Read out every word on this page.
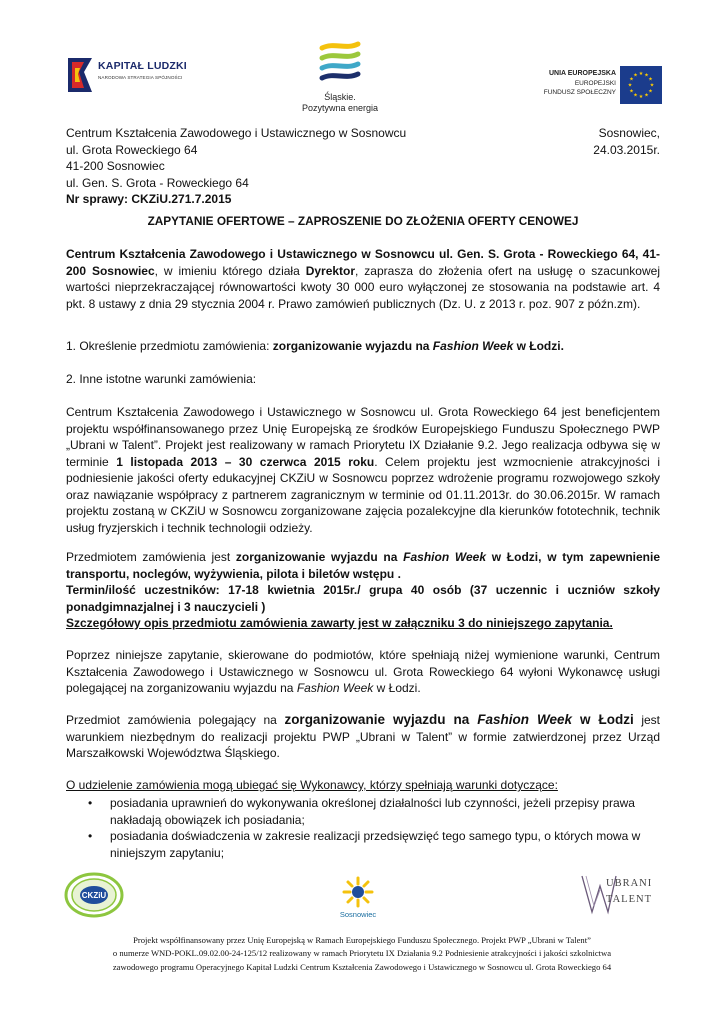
KAPITAŁ LUDZKI
NARODOWA STRATEGIA SPÓJNOŚCI
Śląskie.
Pozytywna energia
UNIA EUROPEJSKA
EUROPEJSKI
FUNDUSZ SPOŁECZNY
★ ★
★
★
★
★
★
★
★
★
★
★
Centrum Kształcenia Zawodowego i Ustawicznego w Sosnowcu
ul. Grota Roweckiego 64
41-200 Sosnowiec
ul. Gen. S. Grota - Roweckiego 64
Nr sprawy: CKZiU.271.7.2015
Sosnowiec, 24.03.2015r.
ZAPYTANIE OFERTOWE – ZAPROSZENIE DO ZŁOŻENIA OFERTY CENOWEJ
Centrum Kształcenia Zawodowego i Ustawicznego w Sosnowcu ul. Gen. S. Grota - Roweckiego 64, 41-200 Sosnowiec, w imieniu którego działa Dyrektor, zaprasza do złożenia ofert na usługę o szacunkowej wartości nieprzekraczającej równowartości kwoty 30 000 euro wyłączonej ze stosowania na podstawie art. 4 pkt. 8 ustawy z dnia 29 stycznia 2004 r. Prawo zamówień publicznych (Dz. U. z 2013 r. poz. 907 z późn.zm).
1. Określenie przedmiotu zamówienia: zorganizowanie wyjazdu na Fashion Week w Łodzi.
2. Inne istotne warunki zamówienia:
Centrum Kształcenia Zawodowego i Ustawicznego w Sosnowcu ul. Grota Roweckiego 64 jest beneficjentem projektu współfinansowanego przez Unię Europejską ze środków Europejskiego Funduszu Społecznego PWP „Ubrani w Talent”. Projekt jest realizowany w ramach Priorytetu IX Działanie 9.2. Jego realizacja odbywa się w terminie 1 listopada 2013 – 30 czerwca 2015 roku. Celem projektu jest wzmocnienie atrakcyjności i podniesienie jakości oferty edukacyjnej CKZiU w Sosnowcu poprzez wdrożenie programu rozwojowego szkoły oraz nawiązanie współpracy z partnerem zagranicznym w terminie od 01.11.2013r. do 30.06.2015r. W ramach projektu zostaną w CKZiU w Sosnowcu zorganizowane zajęcia pozalekcyjne dla kierunków fototechnik, technik usług fryzjerskich i technik technologii odzieży.
Przedmiotem zamówienia jest zorganizowanie wyjazdu na Fashion Week w Łodzi, w tym zapewnienie transportu, noclegów, wyżywienia, pilota i biletów wstępu .
Termin/ilość uczestników: 17-18 kwietnia 2015r./ grupa 40 osób (37 uczennic i uczniów szkoły ponadgimnazjalnej i 3 nauczycieli )
Szczegółowy opis przedmiotu zamówienia zawarty jest w załączniku 3 do niniejszego zapytania.
Poprzez niniejsze zapytanie, skierowane do podmiotów, które spełniają niżej wymienione warunki, Centrum Kształcenia Zawodowego i Ustawicznego w Sosnowcu ul. Grota Roweckiego 64 wyłoni Wykonawcę usługi polegającej na zorganizowaniu wyjazdu na Fashion Week w Łodzi.
Przedmiot zamówienia polegający na zorganizowanie wyjazdu na Fashion Week w Łodzi jest warunkiem niezbędnym do realizacji projektu PWP „Ubrani w Talent” w formie zatwierdzonej przez Urząd Marszałkowski Województwa Śląskiego.
O udzielenie zamówienia mogą ubiegać się Wykonawcy, którzy spełniają warunki dotyczące:
• posiadania uprawnień do wykonywania określonej działalności lub czynności, jeżeli przepisy prawa nakładają obowiązek ich posiadania;
• posiadania doświadczenia w zakresie realizacji przedsięwzięć tego samego typu, o których mowa w niniejszym zapytaniu;
CKZiU
Sosnowiec
UBRANI
TALENT
Projekt współfinansowany przez Unię Europejską w Ramach Europejskiego Funduszu Społecznego. Projekt PWP „Ubrani w Talent”
o numerze WND-POKL.09.02.00-24-125/12 realizowany w ramach Priorytetu IX Działania 9.2 Podniesienie atrakcyjności i jakości szkolnictwa
zawodowego programu Operacyjnego Kapitał Ludzki Centrum Kształcenia Zawodowego i Ustawicznego w Sosnowcu ul. Grota Roweckiego 64
